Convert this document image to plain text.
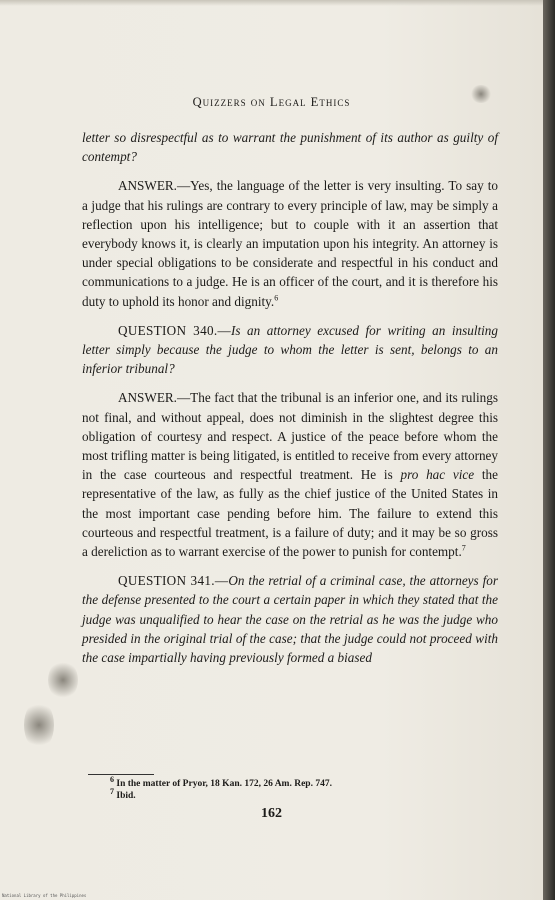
Quizzers on Legal Ethics

letter so disrespectful as to warrant the punishment of its author as guilty of contempt?

ANSWER.—Yes, the language of the letter is very insulting. To say to a judge that his rulings are contrary to every principle of law, may be simply a reflection upon his intelligence; but to couple with it an assertion that everybody knows it, is clearly an imputation upon his integrity. An attorney is under special obligations to be considerate and respectful in his conduct and communications to a judge. He is an officer of the court, and it is therefore his duty to uphold its honor and dignity.$^6$

QUESTION 340.—Is an attorney excused for writing an insulting letter simply because the judge to whom the letter is sent, belongs to an inferior tribunal?

ANSWER.—The fact that the tribunal is an inferior one, and its rulings not final, and without appeal, does not diminish in the slightest degree this obligation of courtesy and respect. A justice of the peace before whom the most trifling matter is being litigated, is entitled to receive from every attorney in the case courteous and respectful treatment. He is pro hac vice the representative of the law, as fully as the chief justice of the United States in the most important case pending before him. The failure to extend this courteous and respectful treatment, is a failure of duty; and it may be so gross a dereliction as to warrant exercise of the power to punish for contempt.$^7$

QUESTION 341.—On the retrial of a criminal case, the attorneys for the defense presented to the court a certain paper in which they stated that the judge was unqualified to hear the case on the retrial as he was the judge who presided in the original trial of the case; that the judge could not proceed with the case impartially having previously formed a biased

$^6$ In the matter of Pryor, 18 Kan. 172, 26 Am. Rep. 747.
$^7$ Ibid.
162
National Library of the Philippines
